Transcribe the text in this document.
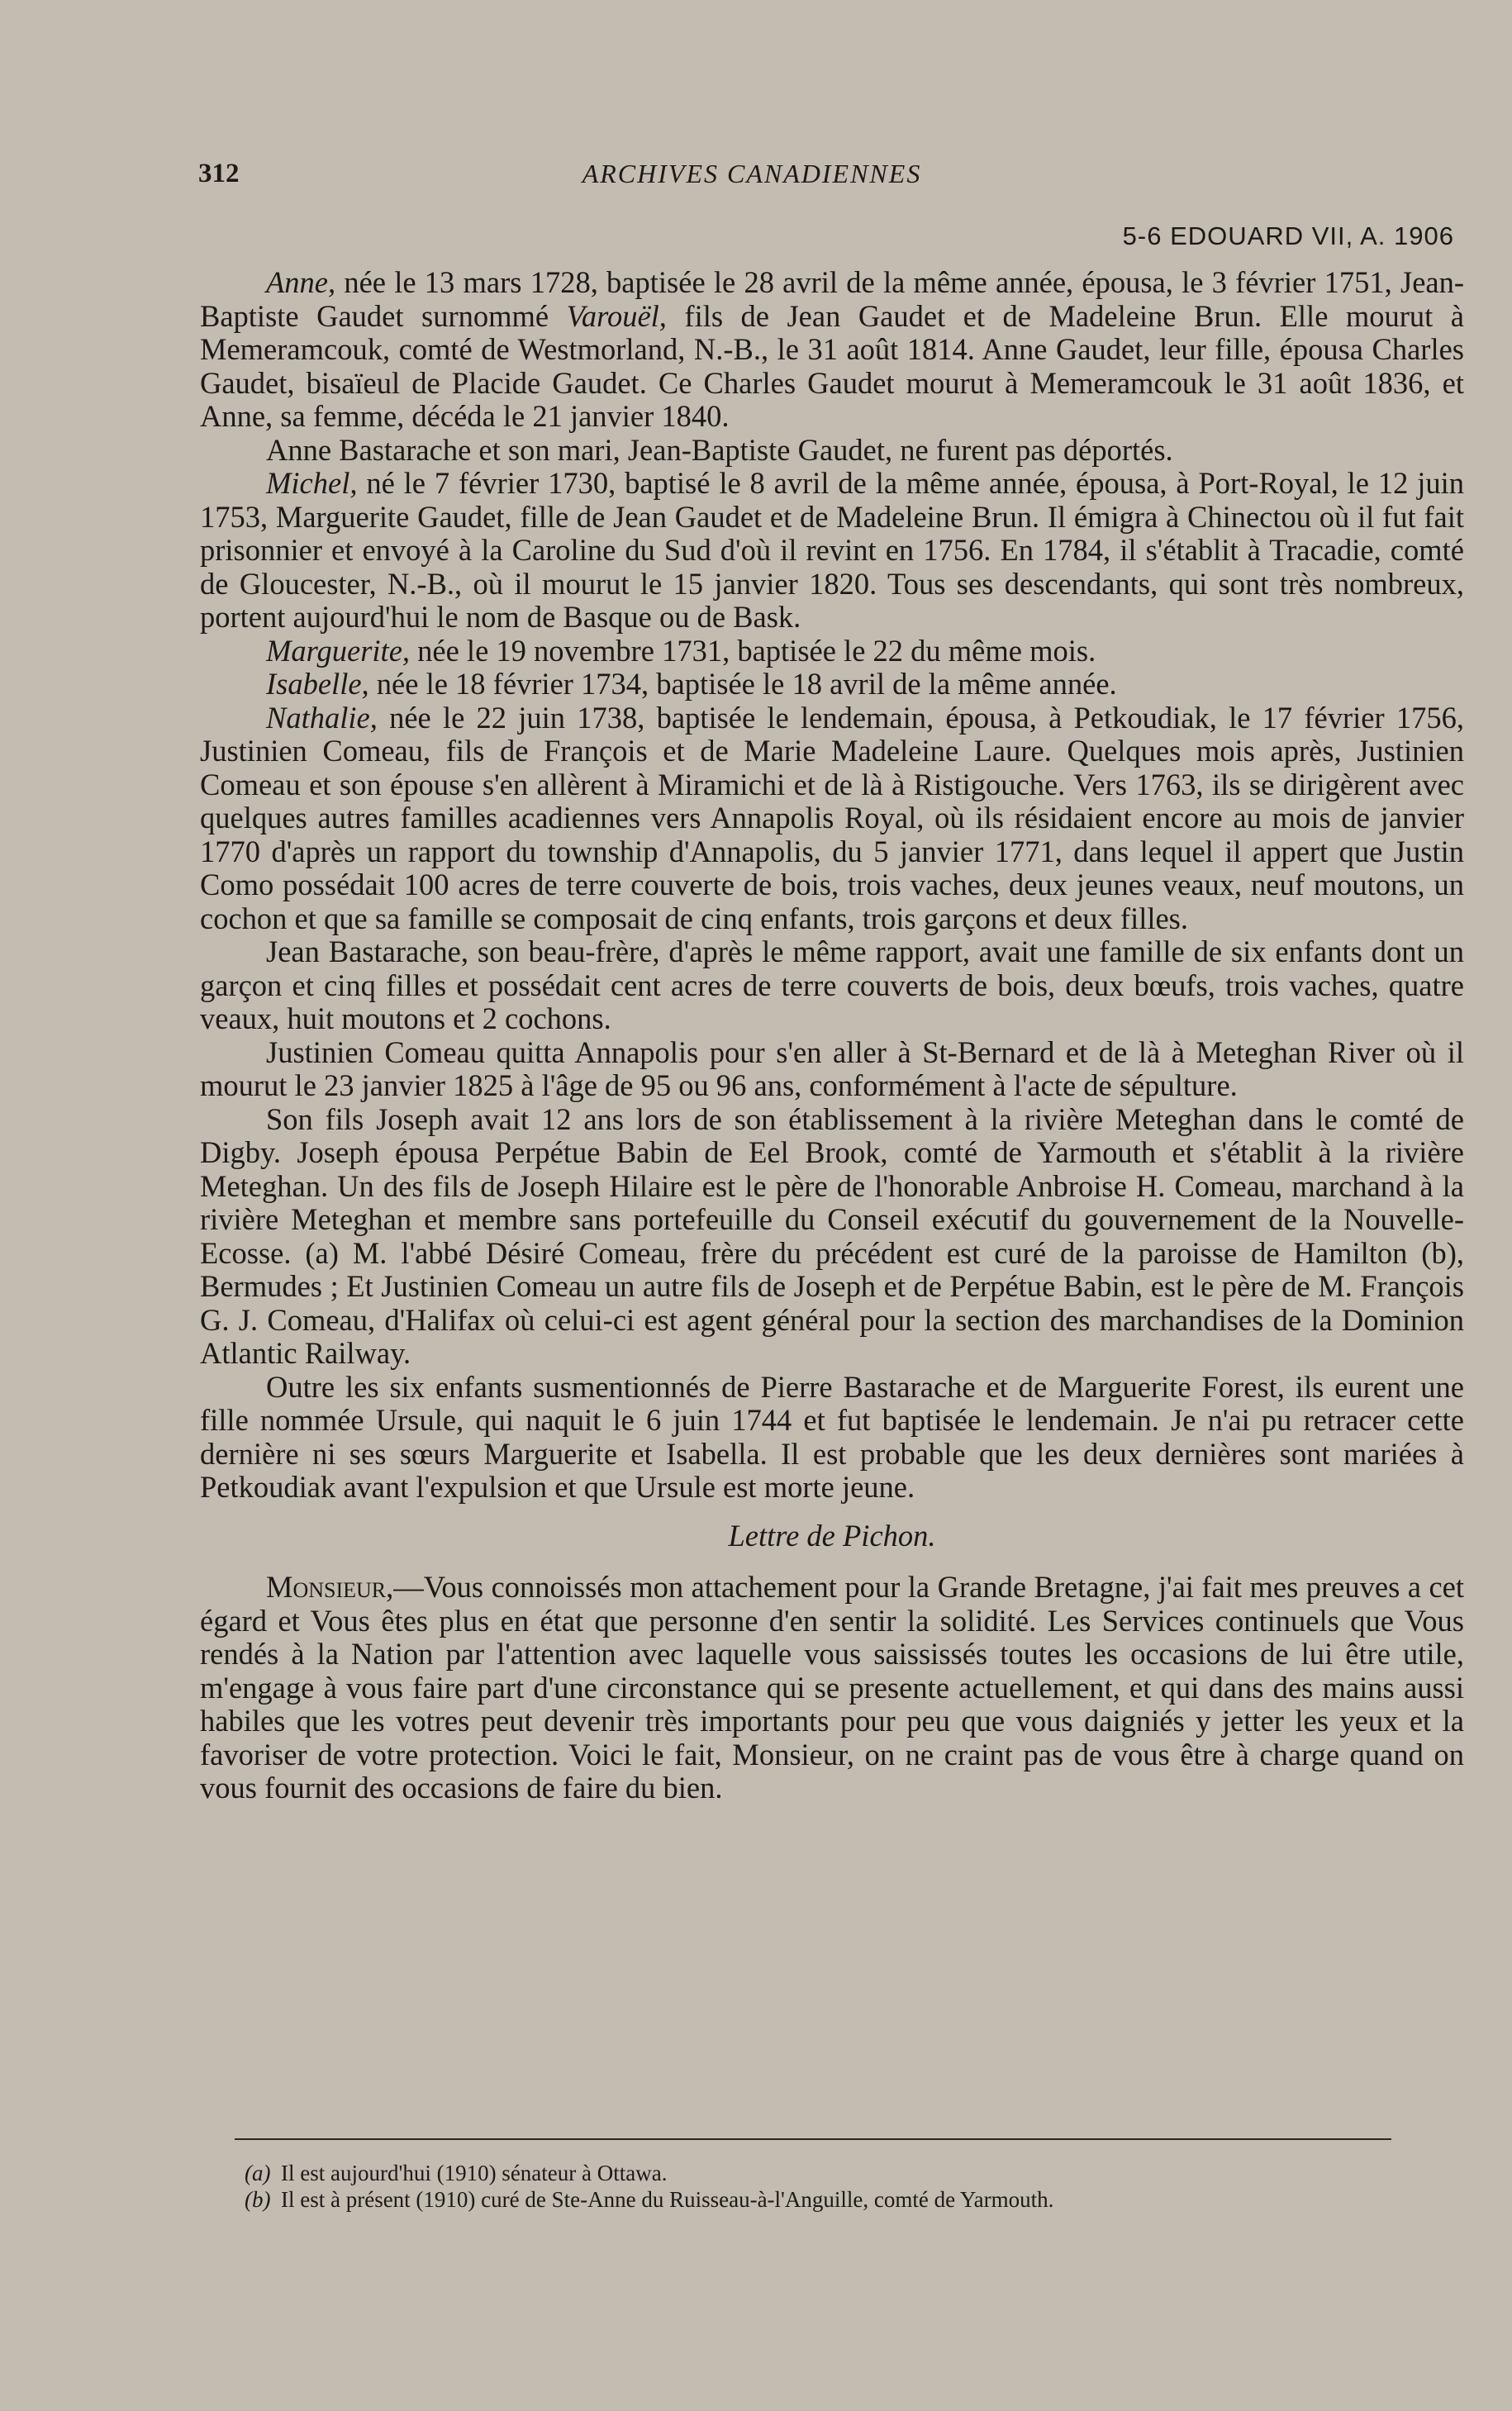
312	ARCHIVES CANADIENNES
5-6 EDOUARD VII, A. 1906

Anne, née le 13 mars 1728, baptisée le 28 avril de la même année, épousa, le 3 février 1751, Jean-Baptiste Gaudet surnommé Varouël, fils de Jean Gaudet et de Madeleine Brun. Elle mourut à Memeramcouk, comté de Westmorland, N.-B., le 31 août 1814. Anne Gaudet, leur fille, épousa Charles Gaudet, bisaïeul de Placide Gaudet. Ce Charles Gaudet mourut à Memeramcouk le 31 août 1836, et Anne, sa femme, décéda le 21 janvier 1840.

Anne Bastarache et son mari, Jean-Baptiste Gaudet, ne furent pas déportés.

Michel, né le 7 février 1730, baptisé le 8 avril de la même année, épousa, à Port-Royal, le 12 juin 1753, Marguerite Gaudet, fille de Jean Gaudet et de Madeleine Brun. Il émigra à Chinectou où il fut fait prisonnier et envoyé à la Caroline du Sud d'où il revint en 1756. En 1784, il s'établit à Tracadie, comté de Gloucester, N.-B., où il mourut le 15 janvier 1820. Tous ses descendants, qui sont très nombreux, portent aujourd'hui le nom de Basque ou de Bask.

Marguerite, née le 19 novembre 1731, baptisée le 22 du même mois.

Isabelle, née le 18 février 1734, baptisée le 18 avril de la même année.

Nathalie, née le 22 juin 1738, baptisée le lendemain, épousa, à Petkoudiak, le 17 février 1756, Justinien Comeau, fils de François et de Marie Madeleine Laure. Quelques mois après, Justinien Comeau et son épouse s'en allèrent à Miramichi et de là à Ristigouche. Vers 1763, ils se dirigèrent avec quelques autres familles acadiennes vers Annapolis Royal, où ils résidaient encore au mois de janvier 1770 d'après un rapport du township d'Annapolis, du 5 janvier 1771, dans lequel il appert que Justin Como possédait 100 acres de terre couverte de bois, trois vaches, deux jeunes veaux, neuf moutons, un cochon et que sa famille se composait de cinq enfants, trois garçons et deux filles.

Jean Bastarache, son beau-frère, d'après le même rapport, avait une famille de six enfants dont un garçon et cinq filles et possédait cent acres de terre couverts de bois, deux bœufs, trois vaches, quatre veaux, huit moutons et 2 cochons.

Justinien Comeau quitta Annapolis pour s'en aller à St-Bernard et de là à Meteghan River où il mourut le 23 janvier 1825 à l'âge de 95 ou 96 ans, conformément à l'acte de sépulture.

Son fils Joseph avait 12 ans lors de son établissement à la rivière Meteghan dans le comté de Digby. Joseph épousa Perpétue Babin de Eel Brook, comté de Yarmouth et s'établit à la rivière Meteghan. Un des fils de Joseph Hilaire est le père de l'honorable Anbroise H. Comeau, marchand à la rivière Meteghan et membre sans portefeuille du Conseil exécutif du gouvernement de la Nouvelle-Ecosse. (a) M. l'abbé Désiré Comeau, frère du précédent est curé de la paroisse de Hamilton (b), Bermudes ; Et Justinien Comeau un autre fils de Joseph et de Perpétue Babin, est le père de M. François G. J. Comeau, d'Halifax où celui-ci est agent général pour la section des marchandises de la Dominion Atlantic Railway.

Outre les six enfants susmentionnés de Pierre Bastarache et de Marguerite Forest, ils eurent une fille nommée Ursule, qui naquit le 6 juin 1744 et fut baptisée le lendemain. Je n'ai pu retracer cette dernière ni ses sœurs Marguerite et Isabella. Il est probable que les deux dernières sont mariées à Petkoudiak avant l'expulsion et que Ursule est morte jeune.

Lettre de Pichon.

Monsieur,—Vous connoissés mon attachement pour la Grande Bretagne, j'ai fait mes preuves a cet égard et Vous êtes plus en état que personne d'en sentir la solidité. Les Services continuels que Vous rendés à la Nation par l'attention avec laquelle vous saississés toutes les occasions de lui être utile, m'engage à vous faire part d'une circonstance qui se presente actuellement, et qui dans des mains aussi habiles que les votres peut devenir très importants pour peu que vous daigniés y jetter les yeux et la favoriser de votre protection. Voici le fait, Monsieur, on ne craint pas de vous être à charge quand on vous fournit des occasions de faire du bien.

(a) Il est aujourd'hui (1910) sénateur à Ottawa.

(b) Il est à présent (1910) curé de Ste-Anne du Ruisseau-à-l'Anguille, comté de Yarmouth.
